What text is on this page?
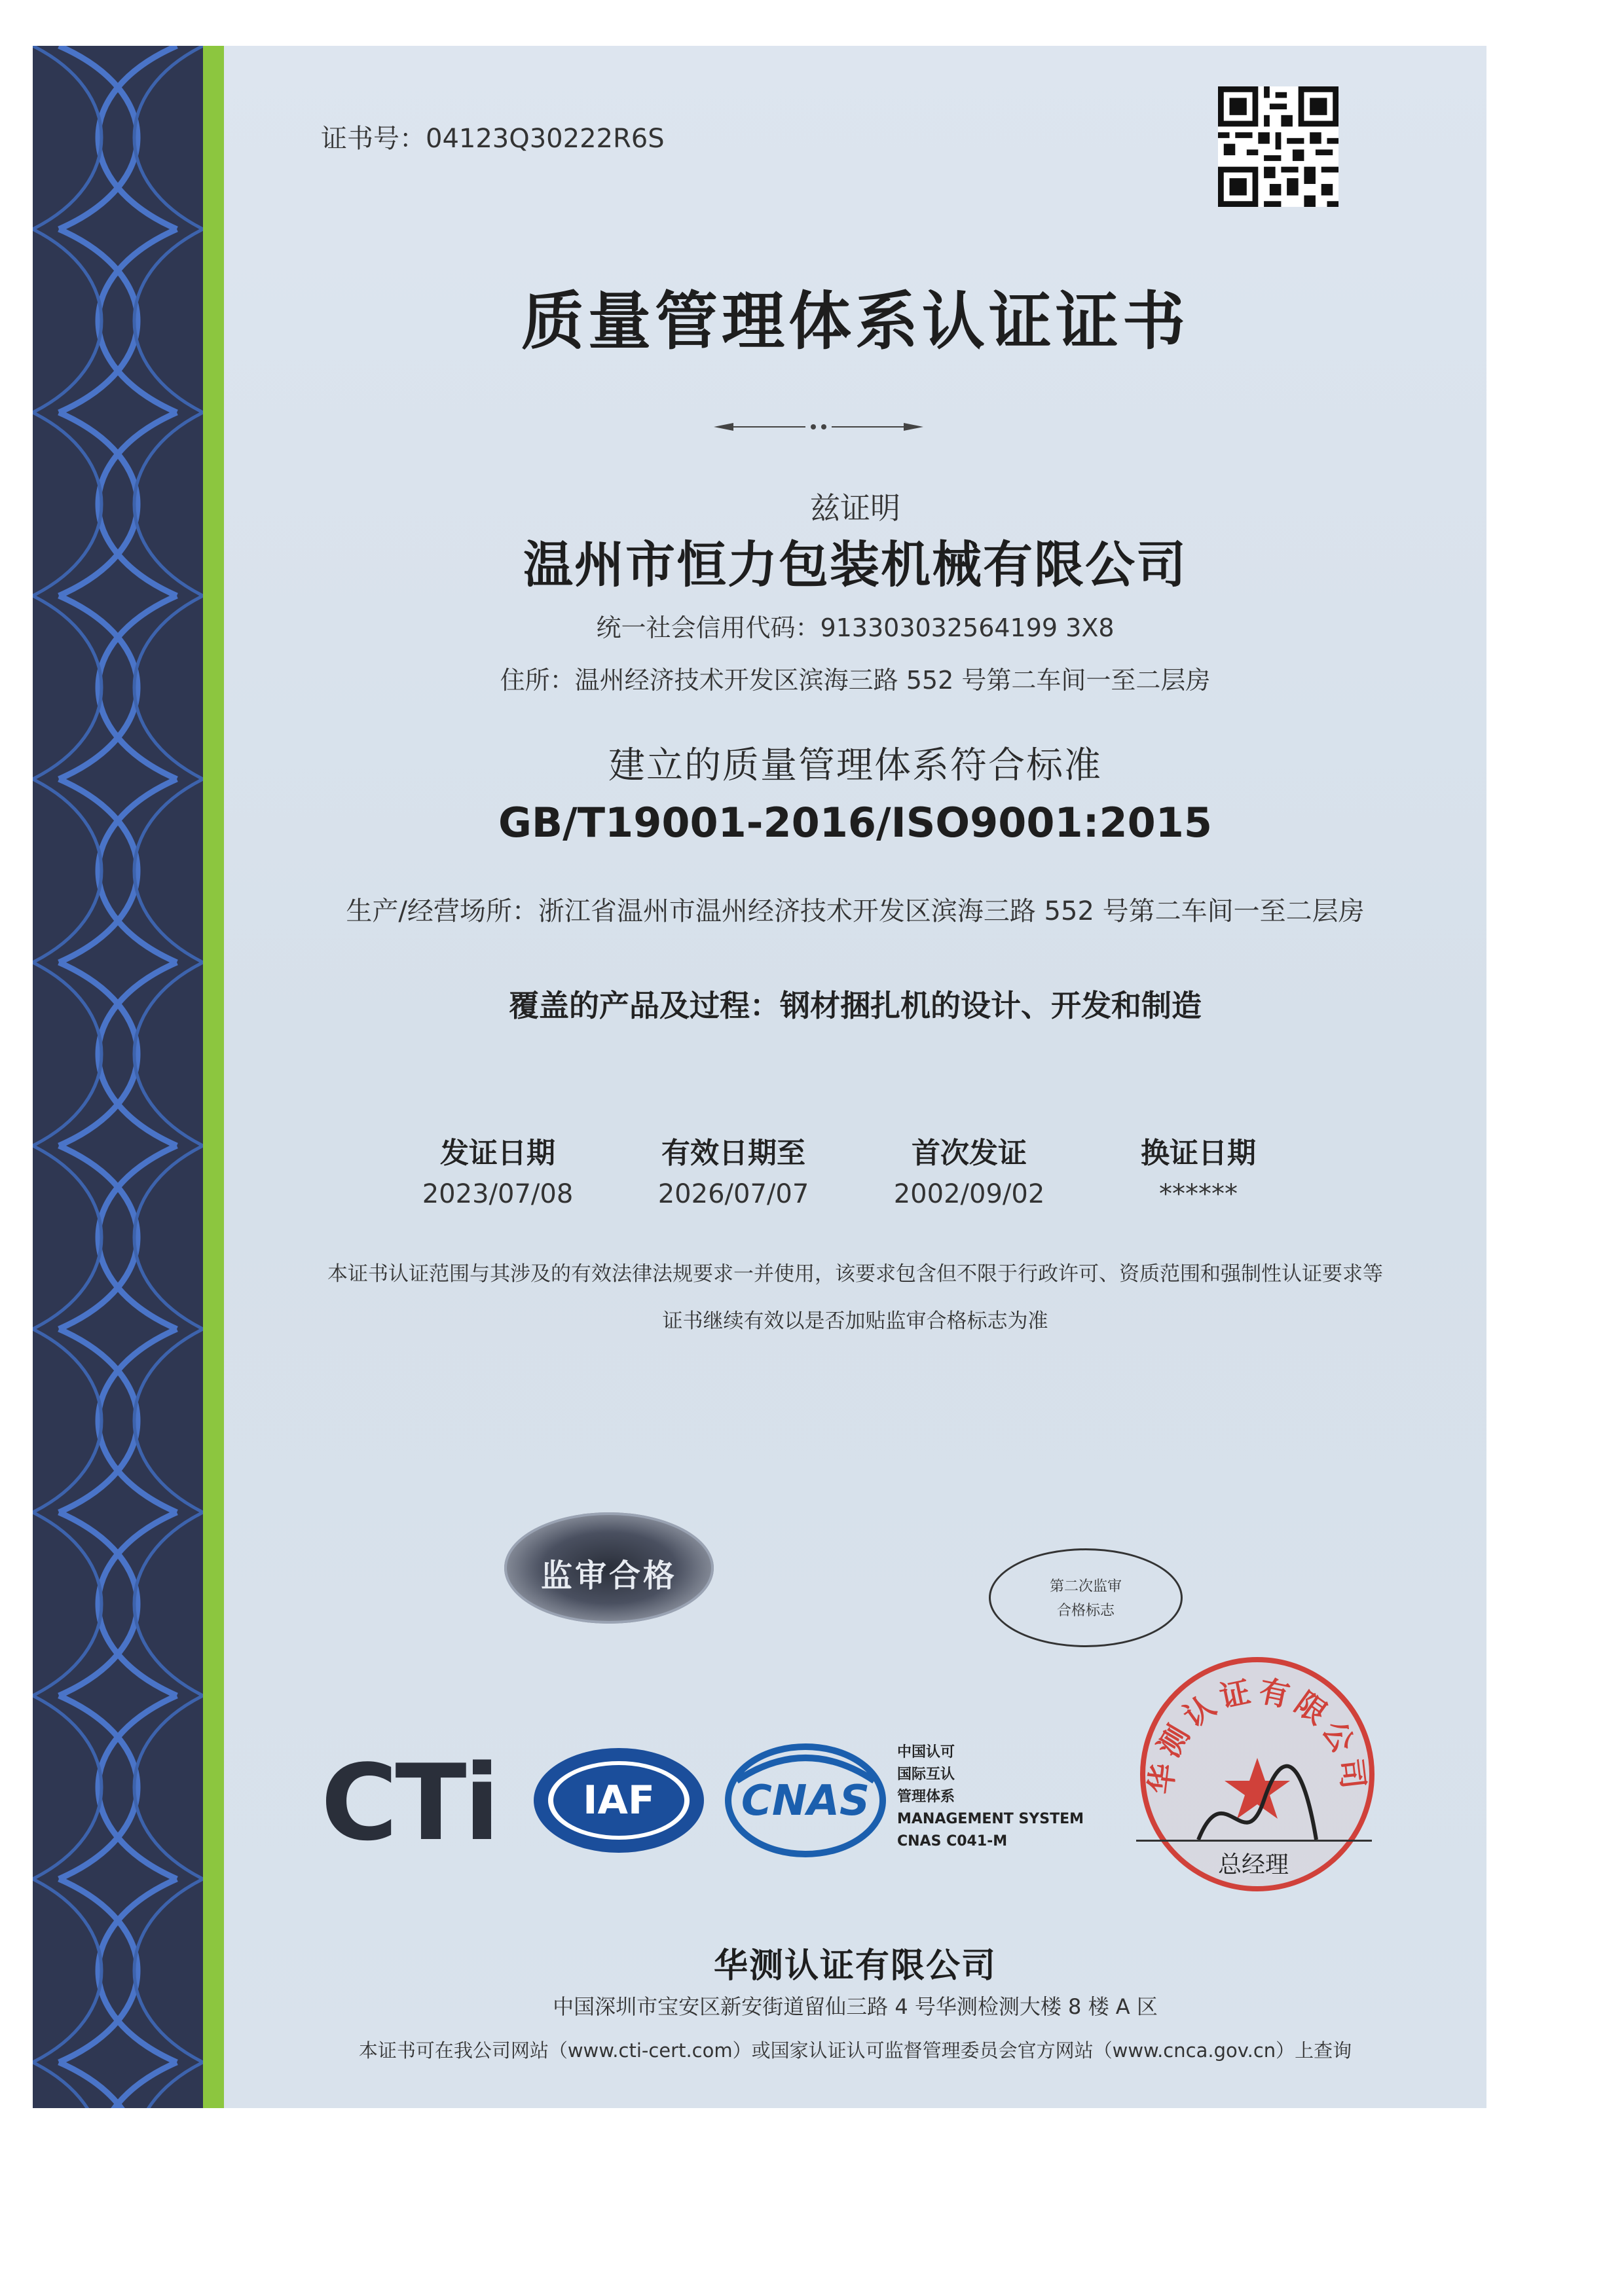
证书号：04123Q30222R6S
质量管理体系认证证书
兹证明
温州市恒力包装机械有限公司
统一社会信用代码：913303032564199 3X8
住所：温州经济技术开发区滨海三路 552 号第二车间一至二层房
建立的质量管理体系符合标准
GB/T19001-2016/ISO9001:2015
生产/经营场所：浙江省温州市温州经济技术开发区滨海三路 552 号第二车间一至二层房
覆盖的产品及过程：钢材捆扎机的设计、开发和制造
发证日期
2023/07/08
有效日期至
2026/07/07
首次发证
2002/09/02
换证日期
******
本证书认证范围与其涉及的有效法律法规要求一并使用，该要求包含但不限于行政许可、资质范围和强制性认证要求等
证书继续有效以是否加贴监审合格标志为准
监审合格	第二次监审
合格标志
CTi IAF CNAS
中国认可
国际互认
管理体系
MANAGEMENT SYSTEM
CNAS C041-M
华测认证有限公司
总经理
华测认证有限公司
中国深圳市宝安区新安街道留仙三路 4 号华测检测大楼 8 楼 A 区
本证书可在我公司网站（www.cti-cert.com）或国家认证认可监督管理委员会官方网站（www.cnca.gov.cn）上查询
